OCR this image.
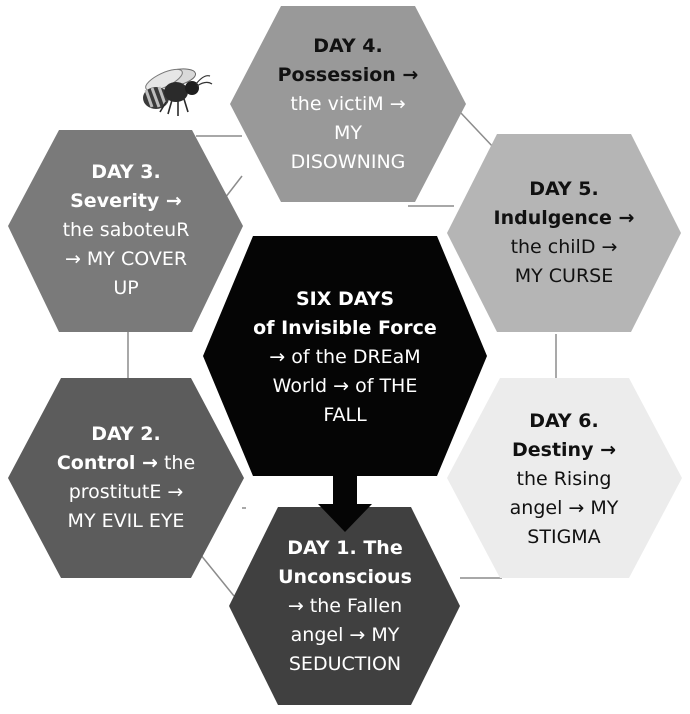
SIX DAYS
of Invisible Force
→ of the DREaM
World → of THE
FALL
DAY 4.
Possession →
the victiM →
MY
DISOWNING
DAY 3.
Severity →
the saboteuR
→ MY COVER
UP
DAY 5.
Indulgence →
the chilD →
MY CURSE
DAY 2.
Control → the
prostitutE →
MY EVIL EYE
DAY 6.
Destiny →
the Rising
angel → MY
STIGMA
DAY 1. The
Unconscious
→ the Fallen
angel → MY
SEDUCTION
